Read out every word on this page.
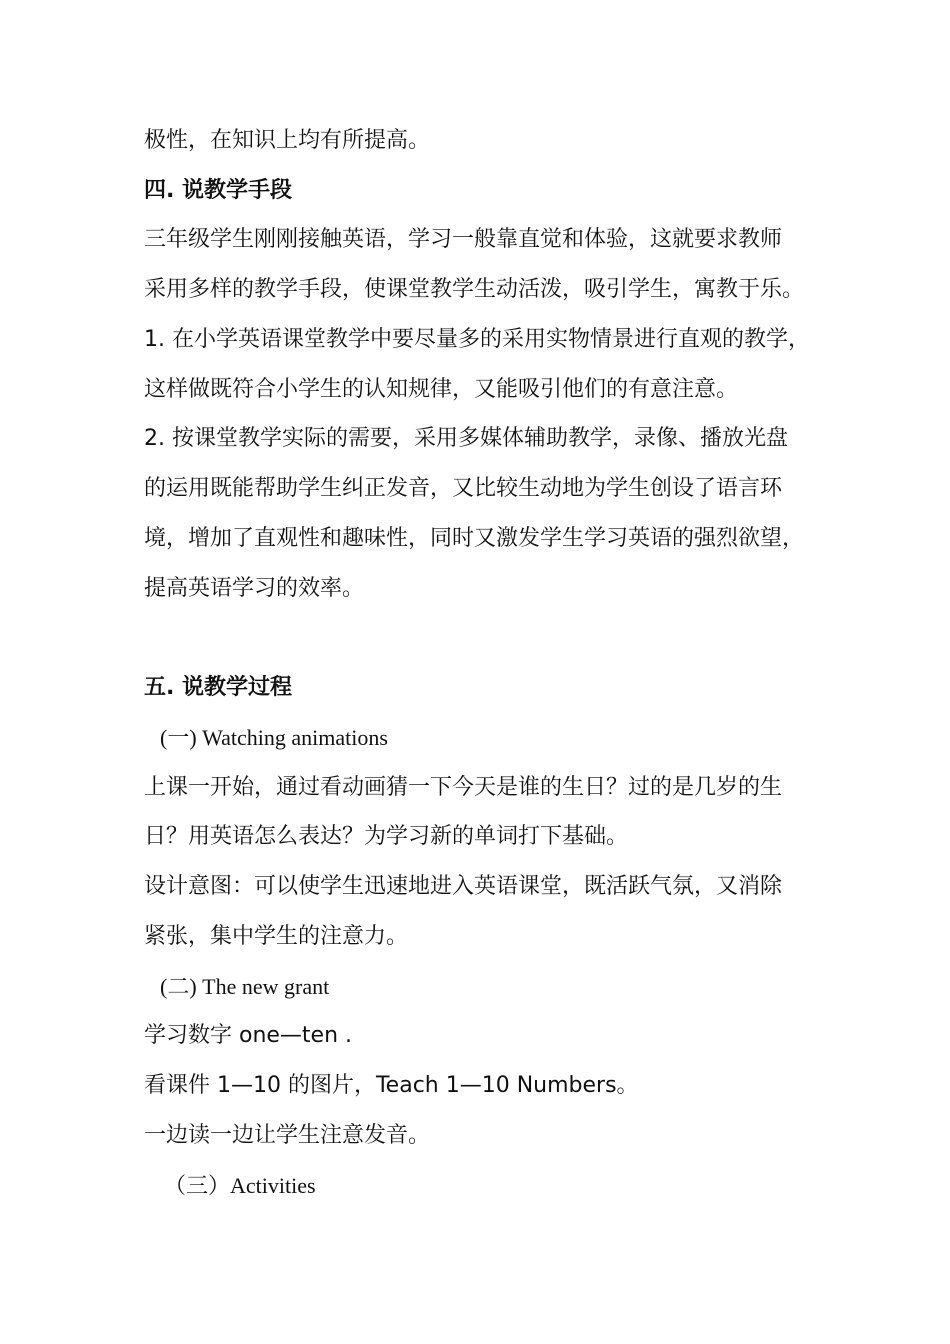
极性，在知识上均有所提高。
四. 说教学手段
三年级学生刚刚接触英语，学习一般靠直觉和体验，这就要求教师
采用多样的教学手段，使课堂教学生动活泼，吸引学生，寓教于乐。
1. 在小学英语课堂教学中要尽量多的采用实物情景进行直观的教学，
这样做既符合小学生的认知规律，又能吸引他们的有意注意。
2. 按课堂教学实际的需要，采用多媒体辅助教学，录像、播放光盘
的运用既能帮助学生纠正发音，又比较生动地为学生创设了语言环
境，增加了直观性和趣味性，同时又激发学生学习英语的强烈欲望，
提高英语学习的效率。
五. 说教学过程
(一) Watching animations
上课一开始，通过看动画猜一下今天是谁的生日？过的是几岁的生
日？用英语怎么表达？为学习新的单词打下基础。
设计意图：可以使学生迅速地进入英语课堂，既活跃气氛，又消除
紧张，集中学生的注意力。
(二) The new grant
学习数字 one—ten .
看课件 1—10 的图片，Teach 1—10 Numbers。
一边读一边让学生注意发音。
（三）Activities
